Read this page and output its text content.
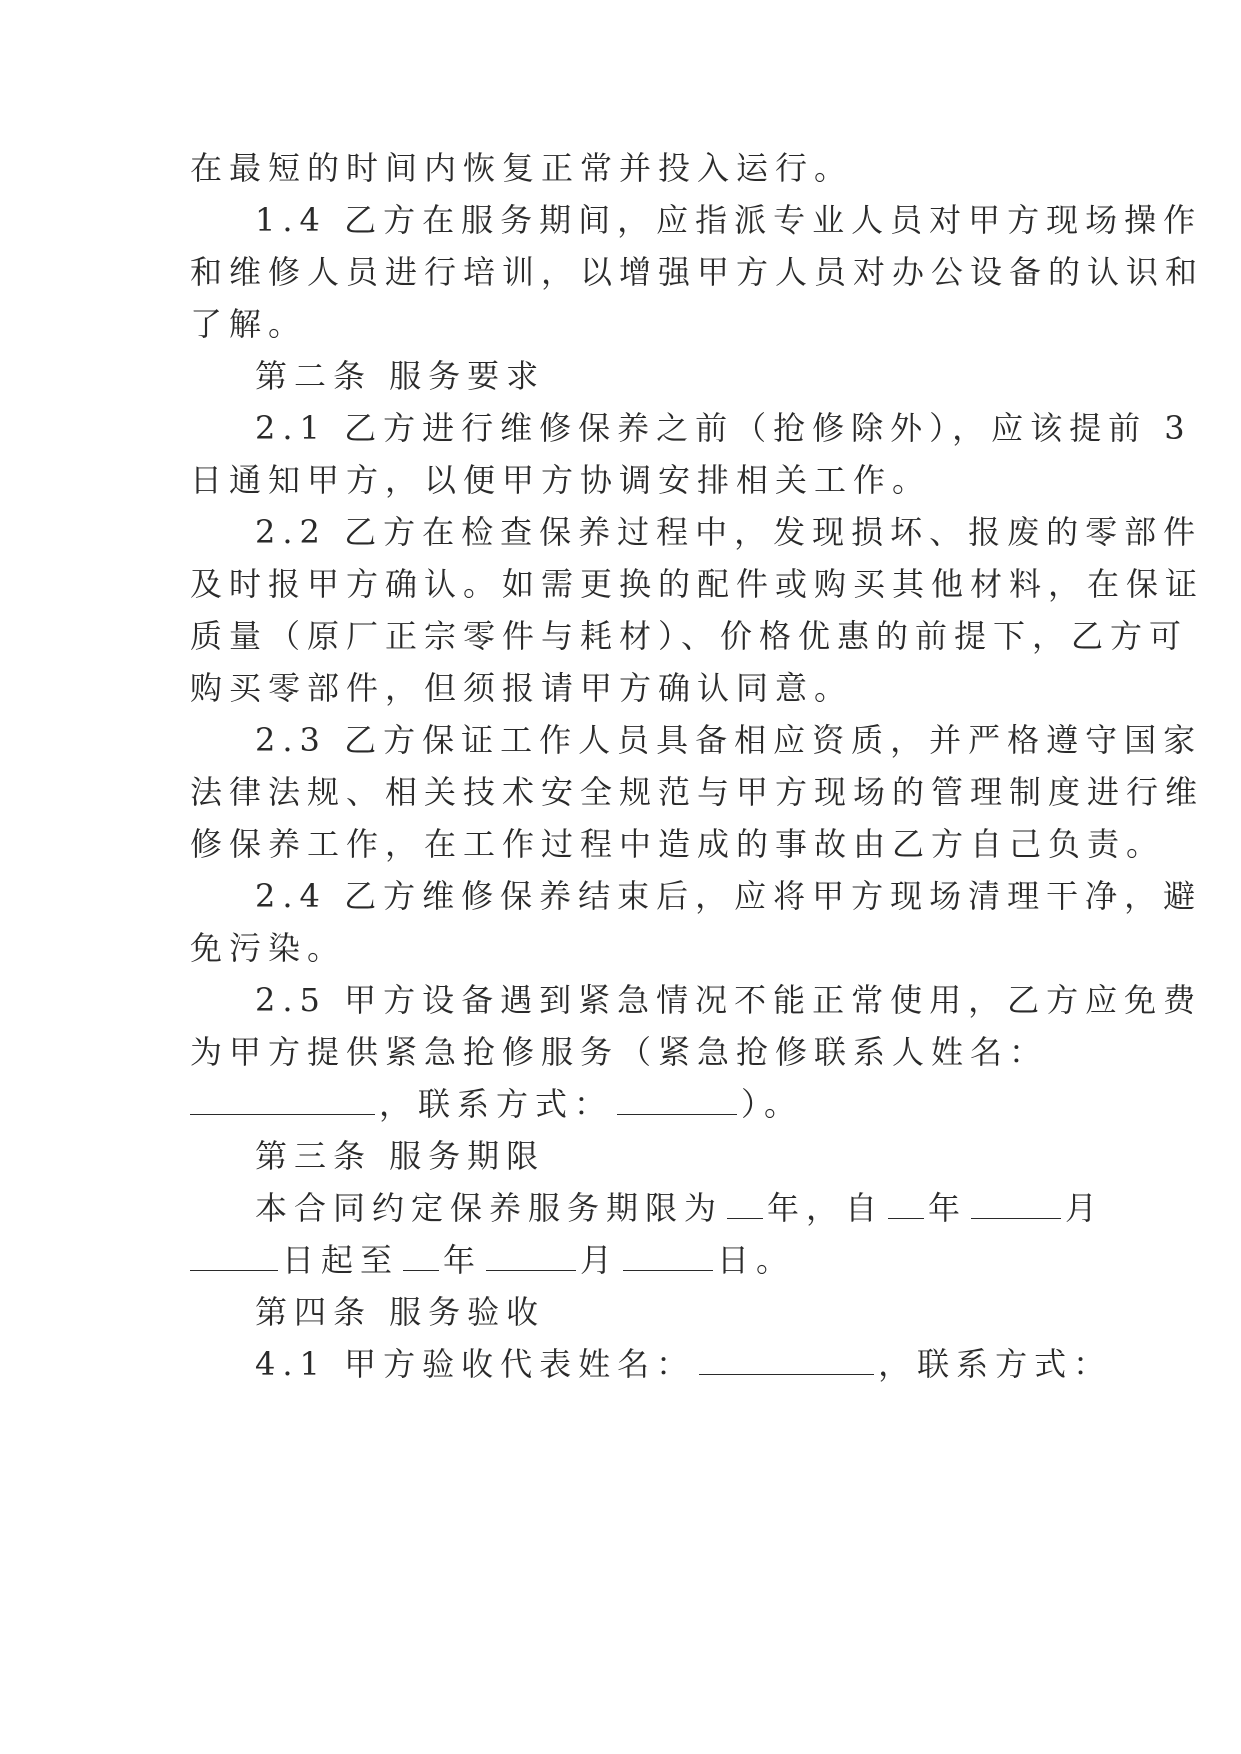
在最短的时间内恢复正常并投入运行。
1.4 乙方在服务期间，应指派专业人员对甲方现场操作
和维修人员进行培训，以增强甲方人员对办公设备的认识和
了解。
第二条 服务要求
2.1 乙方进行维修保养之前（抢修除外），应该提前 3
日通知甲方，以便甲方协调安排相关工作。
2.2 乙方在检查保养过程中，发现损坏、报废的零部件
及时报甲方确认。如需更换的配件或购买其他材料，在保证
质量（原厂正宗零件与耗材）、价格优惠的前提下，乙方可
购买零部件，但须报请甲方确认同意。
2.3 乙方保证工作人员具备相应资质，并严格遵守国家
法律法规、相关技术安全规范与甲方现场的管理制度进行维
修保养工作，在工作过程中造成的事故由乙方自己负责。
2.4 乙方维修保养结束后，应将甲方现场清理干净，避
免污染。
2.5 甲方设备遇到紧急情况不能正常使用，乙方应免费
为甲方提供紧急抢修服务（紧急抢修联系人姓名：
，联系方式：	）。
第三条 服务期限
本合同约定保养服务期限为 年，自 年	月
日起至 年	月	日。
第四条 服务验收
4.1 甲方验收代表姓名：	，联系方式：
